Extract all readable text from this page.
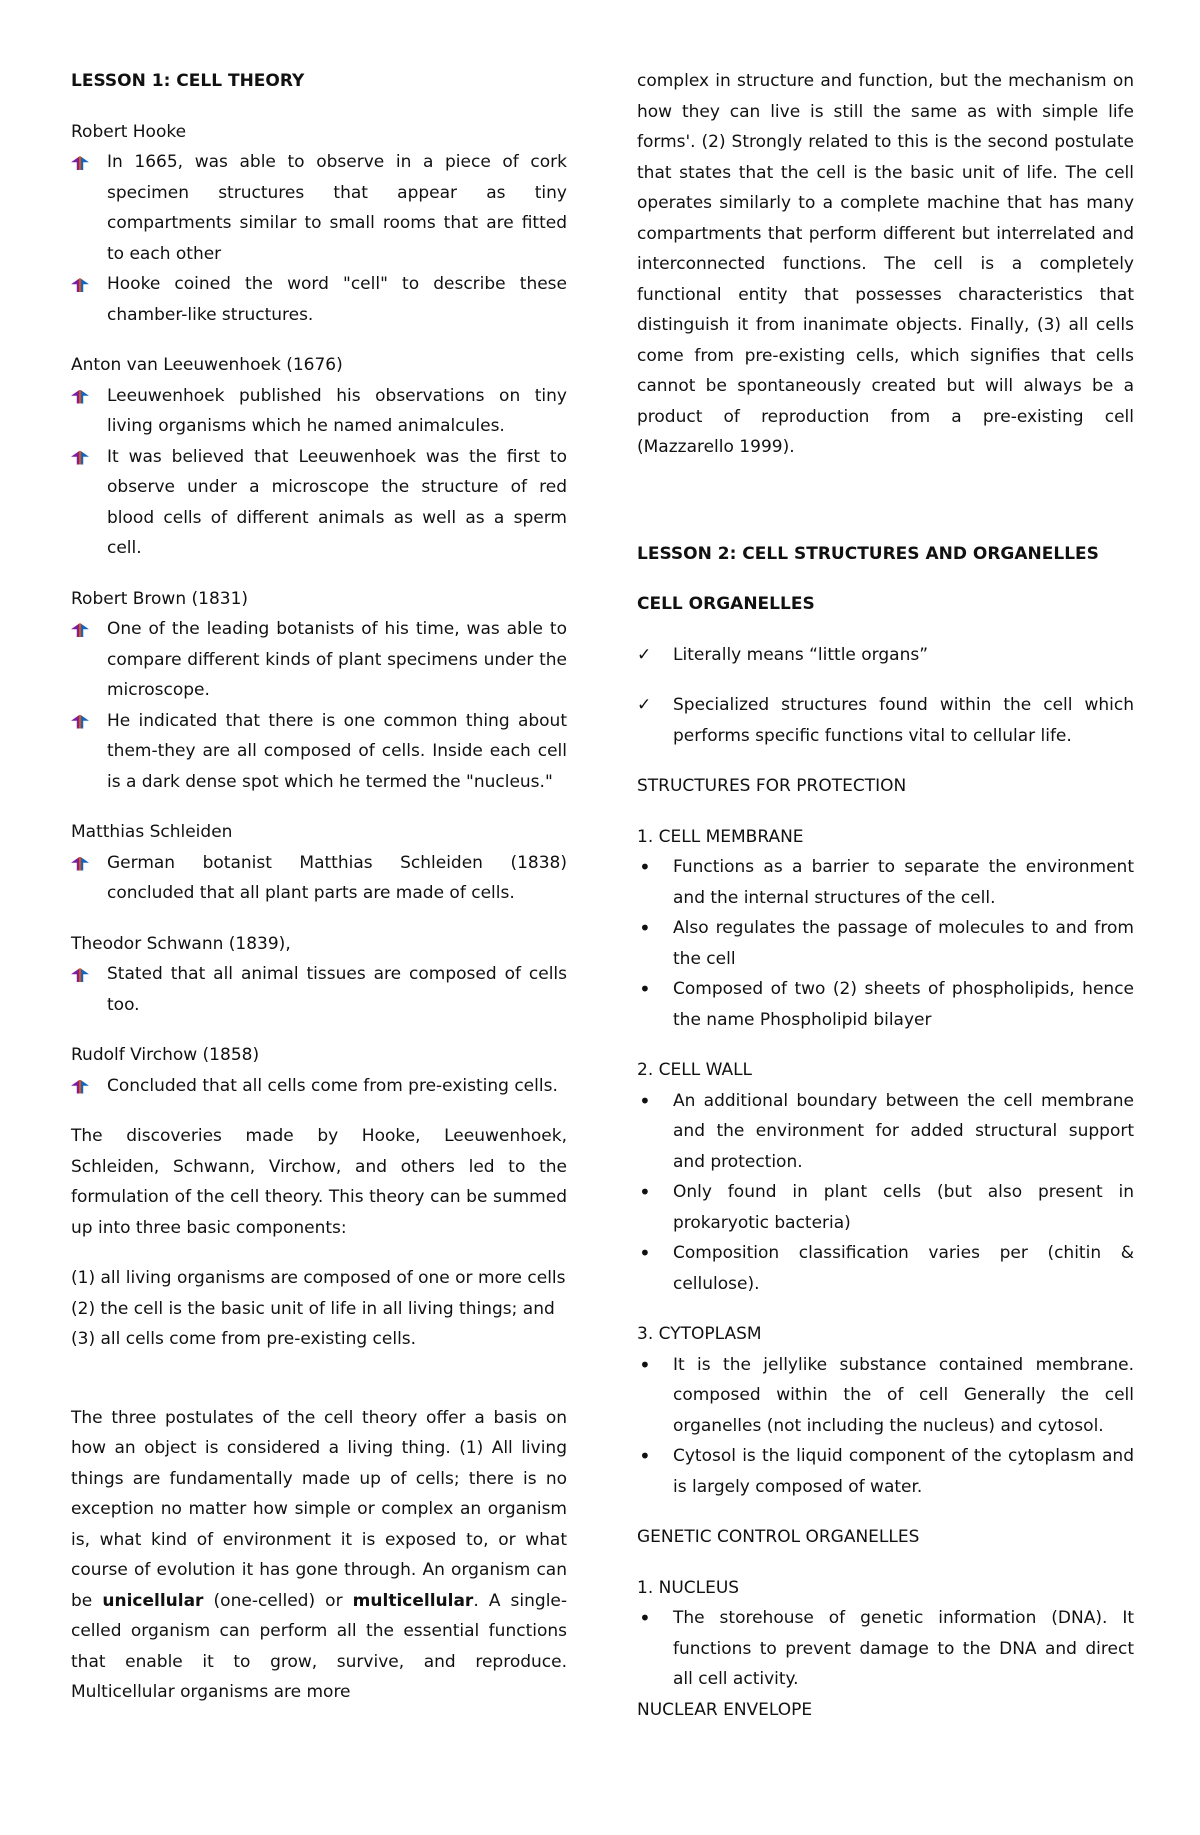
LESSON 1: CELL THEORY
Robert Hooke
In 1665, was able to observe in a piece of cork specimen structures that appear as tiny compartments similar to small rooms that are fitted to each other
Hooke coined the word "cell" to describe these chamber-like structures.
Anton van Leeuwenhoek (1676)
Leeuwenhoek published his observations on tiny living organisms which he named animalcules.
It was believed that Leeuwenhoek was the first to observe under a microscope the structure of red blood cells of different animals as well as a sperm cell.
Robert Brown (1831)
One of the leading botanists of his time, was able to compare different kinds of plant specimens under the microscope.
He indicated that there is one common thing about them-they are all composed of cells. Inside each cell is a dark dense spot which he termed the "nucleus."
Matthias Schleiden
German botanist Matthias Schleiden (1838) concluded that all plant parts are made of cells.
Theodor Schwann (1839),
Stated that all animal tissues are composed of cells too.
Rudolf Virchow (1858)
Concluded that all cells come from pre-existing cells.
The discoveries made by Hooke, Leeuwenhoek, Schleiden, Schwann, Virchow, and others led to the formulation of the cell theory. This theory can be summed up into three basic components:
(1) all living organisms are composed of one or more cells
(2) the cell is the basic unit of life in all living things; and
(3) all cells come from pre-existing cells.
The three postulates of the cell theory offer a basis on how an object is considered a living thing. (1) All living things are fundamentally made up of cells; there is no exception no matter how simple or complex an organism is, what kind of environment it is exposed to, or what course of evolution it has gone through. An organism can be unicellular (one-celled) or multicellular. A single-celled organism can perform all the essential functions that enable it to grow, survive, and reproduce. Multicellular organisms are more
complex in structure and function, but the mechanism on how they can live is still the same as with simple life forms'. (2) Strongly related to this is the second postulate that states that the cell is the basic unit of life. The cell operates similarly to a complete machine that has many compartments that perform different but interrelated and interconnected functions. The cell is a completely functional entity that possesses characteristics that distinguish it from inanimate objects. Finally, (3) all cells come from pre-existing cells, which signifies that cells cannot be spontaneously created but will always be a product of reproduction from a pre-existing cell (Mazzarello 1999).
LESSON 2: CELL STRUCTURES AND ORGANELLES
CELL ORGANELLES
✓ Literally means “little organs”
✓ Specialized structures found within the cell which performs specific functions vital to cellular life.
STRUCTURES FOR PROTECTION
1. CELL MEMBRANE
• Functions as a barrier to separate the environment and the internal structures of the cell.
• Also regulates the passage of molecules to and from the cell
• Composed of two (2) sheets of phospholipids, hence the name Phospholipid bilayer
2. CELL WALL
• An additional boundary between the cell membrane and the environment for added structural support and protection.
• Only found in plant cells (but also present in prokaryotic bacteria)
• Composition classification varies per (chitin & cellulose).
3. CYTOPLASM
• It is the jellylike substance contained membrane. composed within the of cell Generally the cell organelles (not including the nucleus) and cytosol.
• Cytosol is the liquid component of the cytoplasm and is largely composed of water.
GENETIC CONTROL ORGANELLES
1. NUCLEUS
• The storehouse of genetic information (DNA). It functions to prevent damage to the DNA and direct all cell activity.
NUCLEAR ENVELOPE
